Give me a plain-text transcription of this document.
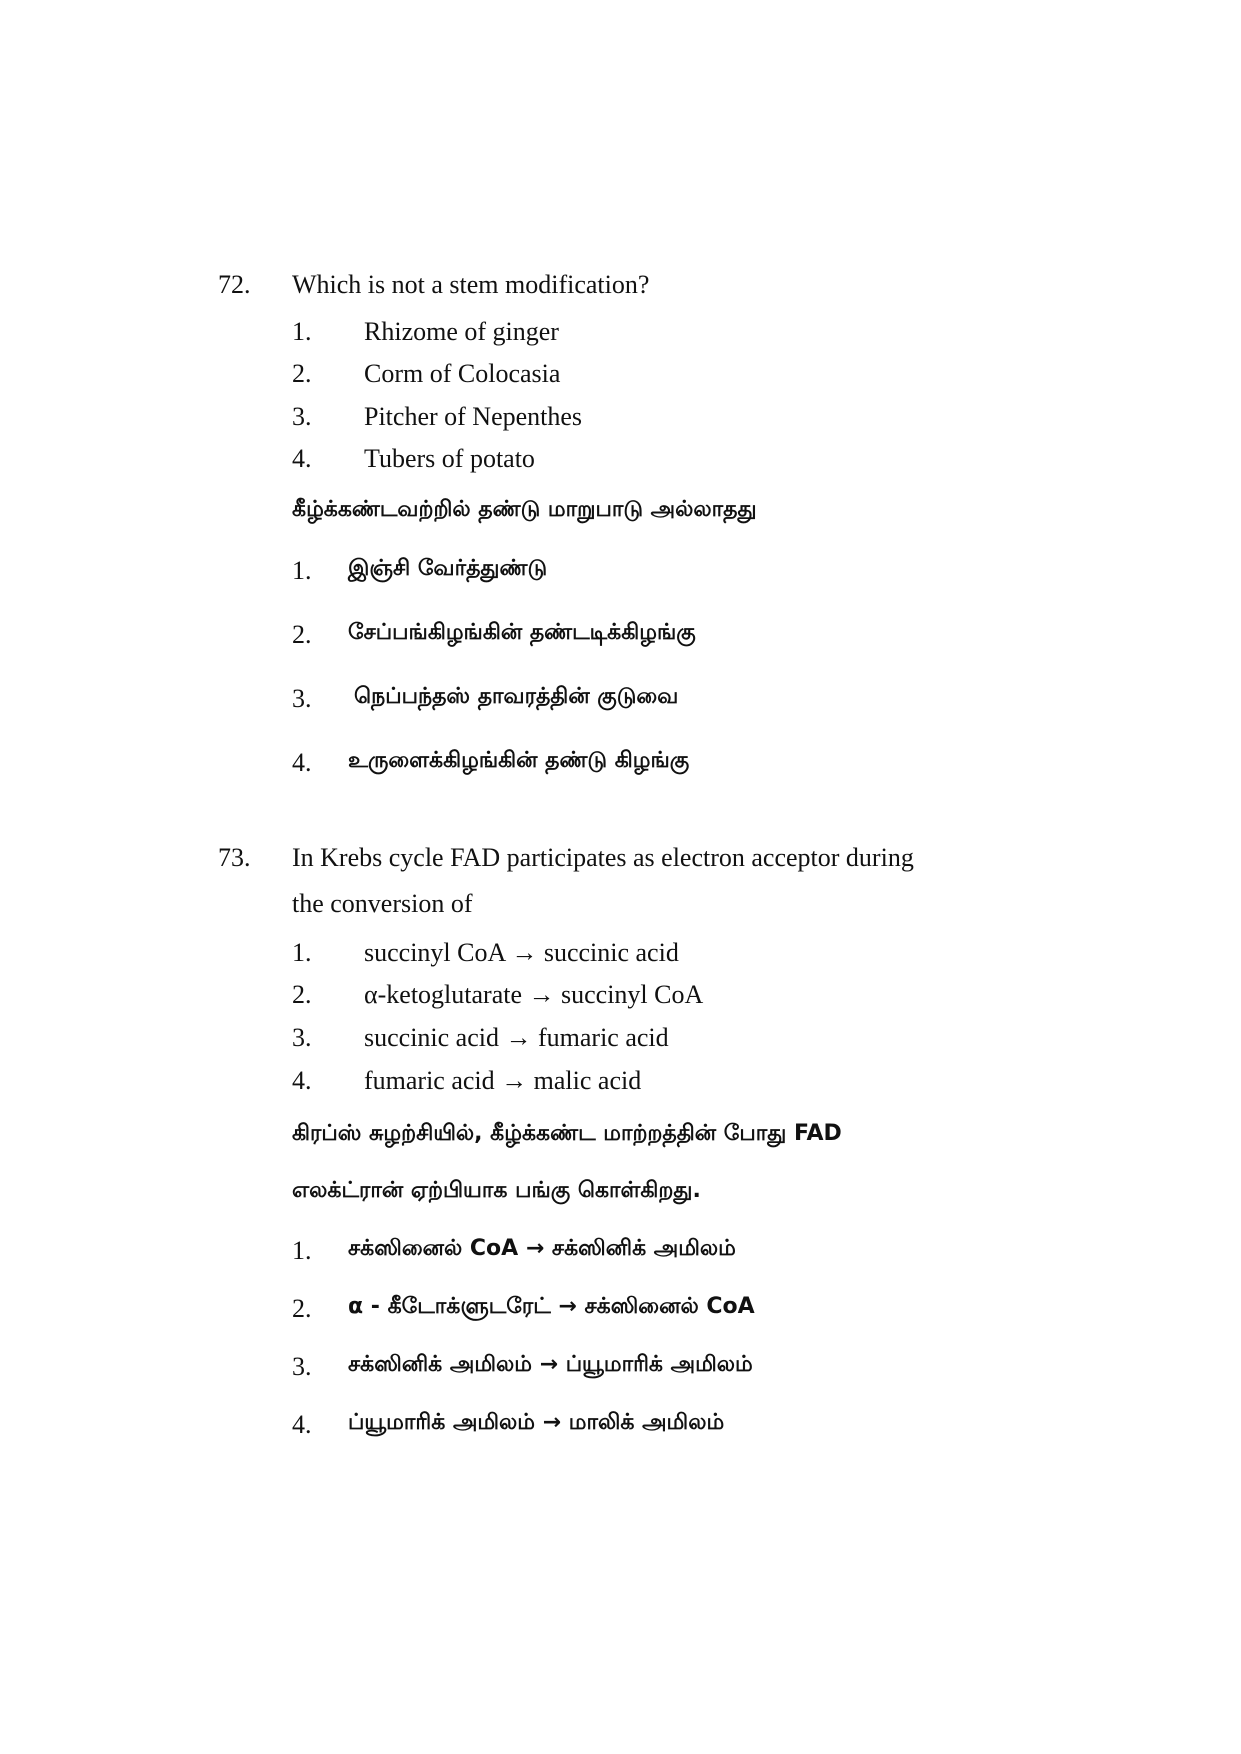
72. Which is not a stem modification?
1. Rhizome of ginger
2. Corm of Colocasia
3. Pitcher of Nepenthes
4. Tubers of potato
கீழ்க்கண்டவற்றில் தண்டு மாறுபாடு அல்லாதது
1. இஞ்சி வேர்த்துண்டு
2. சேப்பங்கிழங்கின் தண்டடிக்கிழங்கு
3. நெப்பந்தஸ் தாவரத்தின் குடுவை
4. உருளைக்கிழங்கின் தண்டு கிழங்கு
73. In Krebs cycle FAD participates as electron acceptor during
the conversion of
1. succinyl CoA → succinic acid
2. α-ketoglutarate → succinyl CoA
3. succinic acid → fumaric acid
4. fumaric acid → malic acid
கிரப்ஸ் சுழற்சியில், கீழ்க்கண்ட மாற்றத்தின் போது FAD
எலக்ட்ரான் ஏற்பியாக பங்கு கொள்கிறது.
1. சக்ஸினைல் CoA → சக்ஸினிக் அமிலம்
2. α - கீடோக்ளுடரேட் → சக்ஸினைல் CoA
3. சக்ஸினிக் அமிலம் → ப்யூமாரிக் அமிலம்
4. ப்யூமாரிக் அமிலம் → மாலிக் அமிலம்
